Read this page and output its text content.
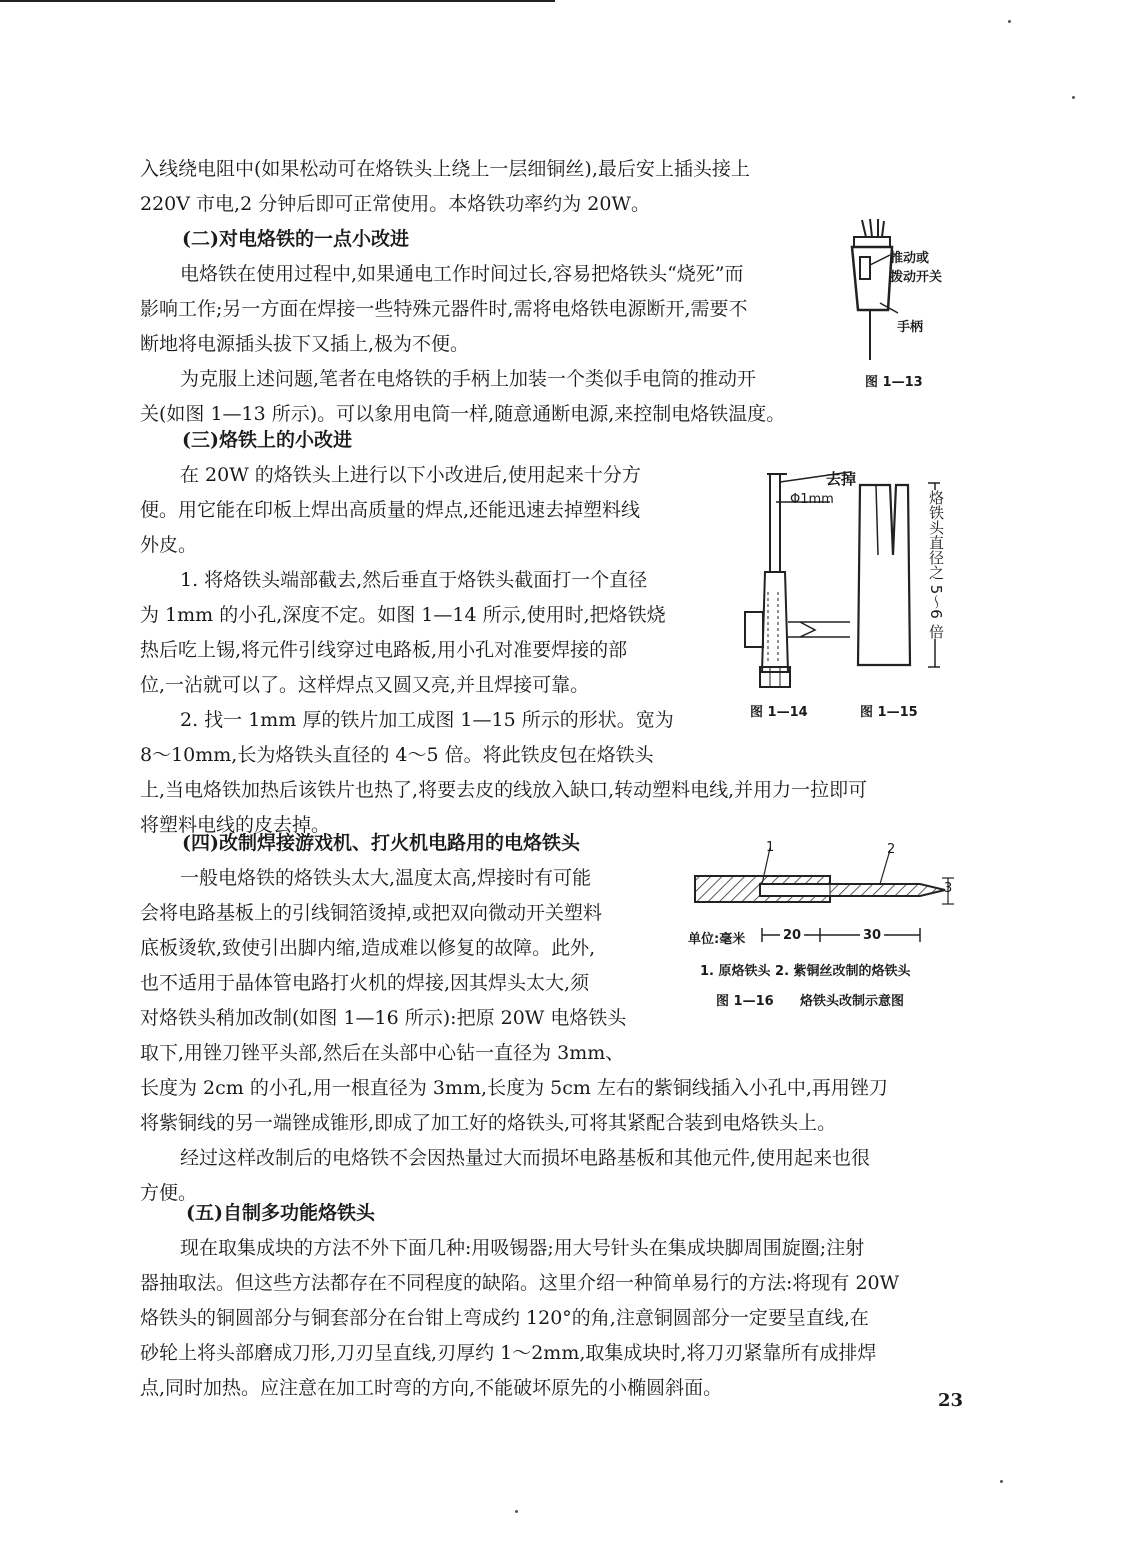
入线绕电阻中(如果松动可在烙铁头上绕上一层细铜丝),最后安上插头接上
220V 市电,2 分钟后即可正常使用。本烙铁功率约为 20W。
(二)对电烙铁的一点小改进
电烙铁在使用过程中,如果通电工作时间过长,容易把烙铁头“烧死”而
影响工作;另一方面在焊接一些特殊元器件时,需将电烙铁电源断开,需要不
断地将电源插头拔下又插上,极为不便。
为克服上述问题,笔者在电烙铁的手柄上加装一个类似手电筒的推动开
关(如图 1—13 所示)。可以象用电筒一样,随意通断电源,来控制电烙铁温度。
推动或
拨动开关
手柄
图 1—13
(三)烙铁上的小改进
在 20W 的烙铁头上进行以下小改进后,使用起来十分方
便。用它能在印板上焊出高质量的焊点,还能迅速去掉塑料线
外皮。
1. 将烙铁头端部截去,然后垂直于烙铁头截面打一个直径
为 1mm 的小孔,深度不定。如图 1—14 所示,使用时,把烙铁烧
热后吃上锡,将元件引线穿过电路板,用小孔对准要焊接的部
位,一沾就可以了。这样焊点又圆又亮,并且焊接可靠。
2. 找一 1mm 厚的铁片加工成图 1—15 所示的形状。宽为
8～10mm,长为烙铁头直径的 4～5 倍。将此铁皮包在烙铁头
上,当电烙铁加热后该铁片也热了,将要去皮的线放入缺口,转动塑料电线,并用力一拉即可
将塑料电线的皮去掉。
去掉
Φ1mm
图 1—14
烙铁头直径之 5～6 倍
图 1—15
(四)改制焊接游戏机、打火机电路用的电烙铁头
一般电烙铁的烙铁头太大,温度太高,焊接时有可能
会将电路基板上的引线铜箔烫掉,或把双向微动开关塑料
底板烫软,致使引出脚内缩,造成难以修复的故障。此外,
也不适用于晶体管电路打火机的焊接,因其焊头太大,须
对烙铁头稍加改制(如图 1—16 所示):把原 20W 电烙铁头
取下,用锉刀锉平头部,然后在头部中心钻一直径为 3mm、
长度为 2cm 的小孔,用一根直径为 3mm,长度为 5cm 左右的紫铜线插入小孔中,再用锉刀
将紫铜线的另一端锉成锥形,即成了加工好的烙铁头,可将其紧配合装到电烙铁头上。
经过这样改制后的电烙铁不会因热量过大而损坏电路基板和其他元件,使用起来也很
方便。
1	2
3
单位:毫米	20	30
1. 原烙铁头 2. 紫铜丝改制的烙铁头
图 1—16 烙铁头改制示意图
(五)自制多功能烙铁头
现在取集成块的方法不外下面几种:用吸锡器;用大号针头在集成块脚周围旋圈;注射
器抽取法。但这些方法都存在不同程度的缺陷。这里介绍一种简单易行的方法:将现有 20W
烙铁头的铜圆部分与铜套部分在台钳上弯成约 120°的角,注意铜圆部分一定要呈直线,在
砂轮上将头部磨成刀形,刀刃呈直线,刃厚约 1～2mm,取集成块时,将刀刃紧靠所有成排焊
点,同时加热。应注意在加工时弯的方向,不能破坏原先的小椭圆斜面。
23
